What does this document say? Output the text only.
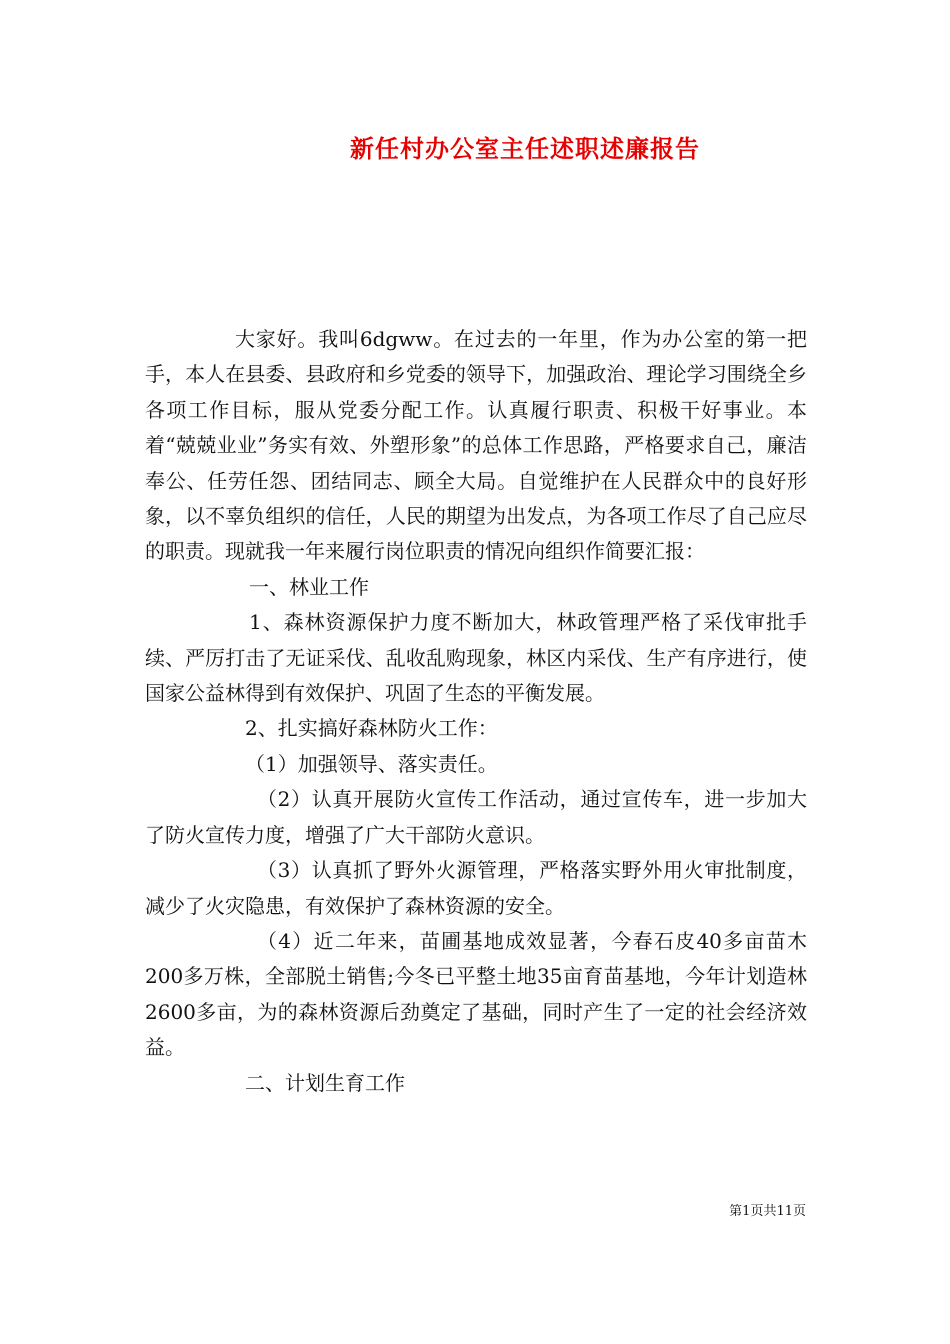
新任村办公室主任述职述廉报告

大家好。我叫6dgww。在过去的一年里，作为办公室的第一把手，本人在县委、县政府和乡党委的领导下，加强政治、理论学习围绕全乡各项工作目标，服从党委分配工作。认真履行职责、积极干好事业。本着“兢兢业业”务实有效、外塑形象”的总体工作思路，严格要求自己，廉洁奉公、任劳任怨、团结同志、顾全大局。自觉维护在人民群众中的良好形象，以不辜负组织的信任，人民的期望为出发点，为各项工作尽了自己应尽的职责。现就我一年来履行岗位职责的情况向组织作简要汇报：

一、林业工作

1、森林资源保护力度不断加大，林政管理严格了采伐审批手续、严厉打击了无证采伐、乱收乱购现象，林区内采伐、生产有序进行，使国家公益林得到有效保护、巩固了生态的平衡发展。

2、扎实搞好森林防火工作：

（1）加强领导、落实责任。

（2）认真开展防火宣传工作活动，通过宣传车，进一步加大了防火宣传力度，增强了广大干部防火意识。

（3）认真抓了野外火源管理，严格落实野外用火审批制度，减少了火灾隐患，有效保护了森林资源的安全。

（4）近二年来，苗圃基地成效显著，今春石皮40多亩苗木200多万株，全部脱土销售;今冬已平整土地35亩育苗基地，今年计划造林2600多亩，为的森林资源后劲奠定了基础，同时产生了一定的社会经济效益。

二、计划生育工作

第1页共11页
